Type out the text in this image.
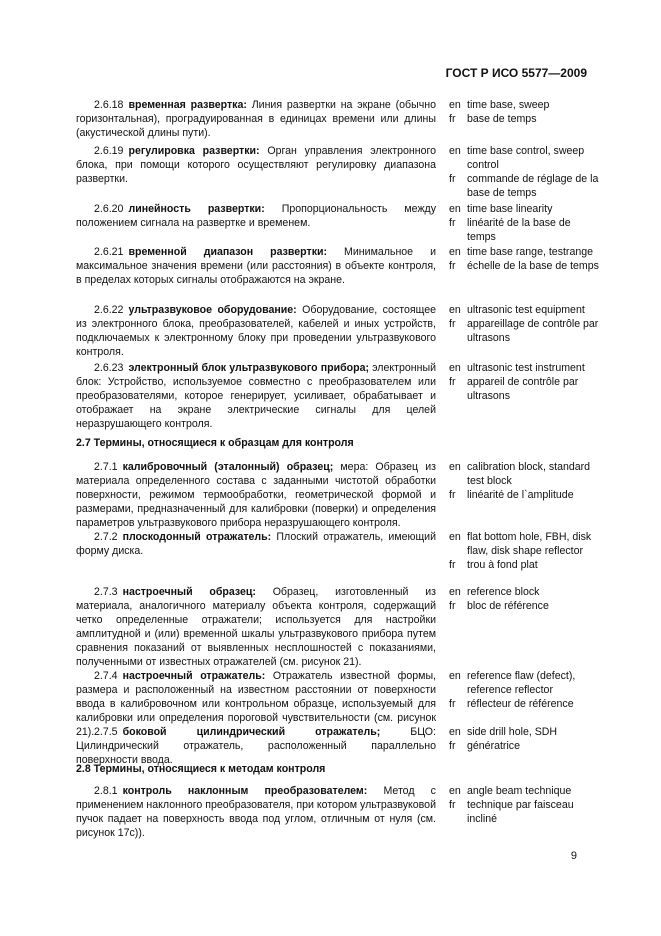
ГОСТ Р ИСО 5577—2009
2.6.18 временная развертка: Линия развертки на экране (обычно горизонтальная), проградуированная в единицах времени или длины (акустической длины пути).
en time base, sweep
fr	base de temps
2.6.19 регулировка развертки: Орган управления электронного блока, при помощи которого осуществляют регулировку диапазона развертки.
en time base control, sweep control
fr	commande de réglage de la base de temps
2.6.20 линейность развертки: Пропорциональность между положением сигнала на развертке и временем.
en time base linearity
fr	linéarité de la base de temps
2.6.21 временной диапазон развертки: Минимальное и максимальное значения времени (или расстояния) в объекте контроля, в пределах которых сигналы отображаются на экране.
en time base range, testrange
fr	échelle de la base de temps
2.6.22 ультразвуковое оборудование: Оборудование, состоящее из электронного блока, преобразователей, кабелей и иных устройств, подключаемых к электронному блоку при проведении ультразвукового контроля.
en ultrasonic test equipment
fr	appareillage de contrôle par ultrasons
2.6.23 электронный блок ультразвукового прибора; электронный блок: Устройство, используемое совместно с преобразователем или преобразователями, которое генерирует, усиливает, обрабатывает и отображает на экране электрические сигналы для целей неразрушающего контроля.
en ultrasonic test instrument
fr	appareil de contrôle par ultrasons
2.7 Термины, относящиеся к образцам для контроля
2.7.1 калибровочный (эталонный) образец; мера: Образец из материала определенного состава с заданными чистотой обработки поверхности, режимом термообработки, геометрической формой и размерами, предназначенный для калибровки (поверки) и определения параметров ультразвукового прибора неразрушающего контроля.
en calibration block, standard test block
fr	linéarité de l`amplitude
2.7.2 плоскодонный отражатель: Плоский отражатель, имеющий форму диска.
en flat bottom hole, FBH, disk flaw, disk shape reflector
fr	trou à fond plat
2.7.3 настроечный образец: Образец, изготовленный из материала, аналогичного материалу объекта контроля, содержащий четко определенные отражатели; используется для настройки амплитудной и (или) временной шкалы ультразвукового прибора путем сравнения показаний от выявленных несплошностей с показаниями, полученными от известных отражателей (см. рисунок 21).
en reference block
fr	bloc de référence
2.7.4 настроечный отражатель: Отражатель известной формы, размера и расположенный на известном расстоянии от поверхности ввода в калибровочном или контрольном образце, используемый для калибровки или определения пороговой чувствительности (см. рисунок 21).
en reference flaw (defect), reference reflector
fr	réflecteur de référence
2.7.5 боковой цилиндрический отражатель; БЦО: Цилиндрический отражатель, расположенный параллельно поверхности ввода.
en side drill hole, SDH
fr	génératrice
2.8 Термины, относящиеся к методам контроля
2.8.1 контроль наклонным преобразователем: Метод с применением наклонного преобразователя, при котором ультразвуковой пучок падает на поверхность ввода под углом, отличным от нуля (см. рисунок 17с)).
en angle beam technique
fr	technique par faisceau incliné
9
